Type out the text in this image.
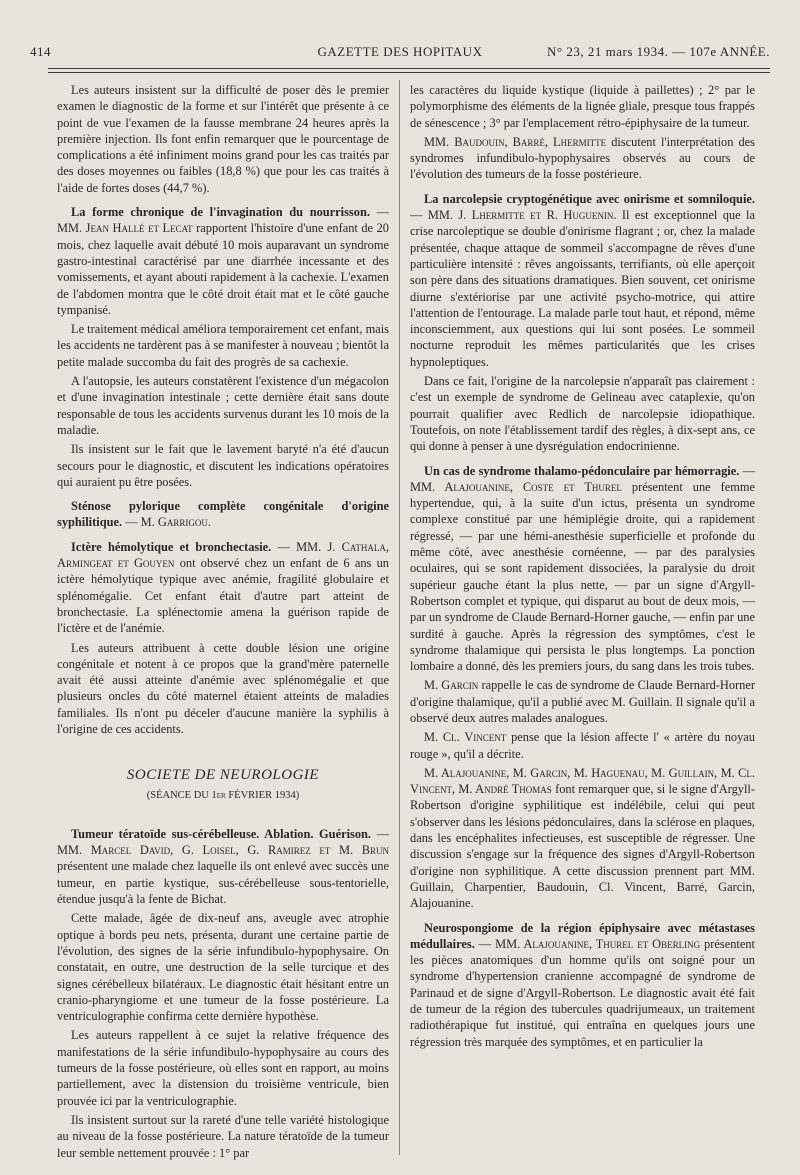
414	GAZETTE DES HOPITAUX	N° 23, 21 mars 1934. — 107e ANNÉE.

Les auteurs insistent sur la difficulté de poser dès le premier examen le diagnostic de la forme et sur l'intérêt que présente à ce point de vue l'examen de la fausse membrane 24 heures après la première injection. Ils font enfin remarquer que le pourcentage de complications a été infiniment moins grand pour les cas traités par des doses moyennes ou faibles (18,8 %) que pour les cas traités à l'aide de fortes doses (44,7 %).

La forme chronique de l'invagination du nourrisson. — MM. Jean Hallé et Lecat rapportent l'histoire d'une enfant de 20 mois, chez laquelle avait débuté 10 mois auparavant un syndrome gastro-intestinal caractérisé par une diarrhée incessante et des vomissements, et ayant abouti rapidement à la cachexie. L'examen de l'abdomen montra que le côté droit était mat et le côté gauche tympanisé.

Le traitement médical améliora temporairement cet enfant, mais les accidents ne tardèrent pas à se manifester à nouveau ; bientôt la petite malade succomba du fait des progrès de sa cachexie.

A l'autopsie, les auteurs constatèrent l'existence d'un mégacolon et d'une invagination intestinale ; cette dernière était sans doute responsable de tous les accidents survenus durant les 10 mois de la maladie.

Ils insistent sur le fait que le lavement baryté n'a été d'aucun secours pour le diagnostic, et discutent les indications opératoires qui auraient pu être posées.

Sténose pylorique complète congénitale d'origine syphilitique. — M. Garrigou.

Ictère hémolytique et bronchectasie. — MM. J. Cathala, Armingeat et Gouyen ont observé chez un enfant de 6 ans un ictère hémolytique typique avec anémie, fragilité globulaire et splénomégalie. Cet enfant était d'autre part atteint de bronchectasie. La splénectomie amena la guérison rapide de l'ictère et de l'anémie.

Les auteurs attribuent à cette double lésion une origine congénitale et notent à ce propos que la grand'mère paternelle avait été aussi atteinte d'anémie avec splénomégalie et que plusieurs oncles du côté maternel étaient atteints de maladies familiales. Ils n'ont pu déceler d'aucune manière la syphilis à l'origine de ces accidents.

SOCIETE DE NEUROLOGIE
(SÉANCE DU 1er FÉVRIER 1934)

Tumeur tératoïde sus-cérébelleuse. Ablation. Guérison. — MM. Marcel David, G. Loisel, G. Ramirez et M. Brun présentent une malade chez laquelle ils ont enlevé avec succès une tumeur, en partie kystique, sus-cérébelleuse sous-tentorielle, étendue jusqu'à la fente de Bichat.

Cette malade, âgée de dix-neuf ans, aveugle avec atrophie optique à bords peu nets, présenta, durant une certaine partie de l'évolution, des signes de la série infundibulo-hypophysaire. On constatait, en outre, une destruction de la selle turcique et des signes cérébelleux bilatéraux. Le diagnostic était hésitant entre un cranio-pharyngiome et une tumeur de la fosse postérieure. La ventriculographie confirma cette dernière hypothèse.

Les auteurs rappellent à ce sujet la relative fréquence des manifestations de la série infundibulo-hypophysaire au cours des tumeurs de la fosse postérieure, où elles sont en rapport, au moins partiellement, avec la distension du troisième ventricule, bien prouvée ici par la ventriculographie.

Ils insistent surtout sur la rareté d'une telle variété histologique au niveau de la fosse postérieure. La nature tératoïde de la tumeur leur semble nettement prouvée : 1° par

les caractères du liquide kystique (liquide à paillettes) ; 2° par le polymorphisme des éléments de la lignée gliale, presque tous frappés de sénescence ; 3° par l'emplacement rétro-épiphysaire de la tumeur.

MM. Baudouin, Barré, Lhermitte discutent l'interprétation des syndromes infundibulo-hypophysaires observés au cours de l'évolution des tumeurs de la fosse postérieure.

La narcolepsie cryptogénétique avec onirisme et somniloquie. — MM. J. Lhermitte et R. Huguenin. Il est exceptionnel que la crise narcoleptique se double d'onirisme flagrant ; or, chez la malade présentée, chaque attaque de sommeil s'accompagne de rêves d'une particulière intensité : rêves angoissants, terrifiants, où elle aperçoit son père dans des situations dramatiques. Bien souvent, cet onirisme diurne s'extériorise par une activité psycho-motrice, qui attire l'attention de l'entourage. La malade parle tout haut, et répond, même inconsciemment, aux questions qui lui sont posées. Le sommeil nocturne reproduit les mêmes particularités que les crises hypnoleptiques.

Dans ce fait, l'origine de la narcolepsie n'apparaît pas clairement : c'est un exemple de syndrome de Gelineau avec cataplexie, qu'on pourrait qualifier avec Redlich de narcolepsie idiopathique. Toutefois, on note l'établissement tardif des règles, à dix-sept ans, ce qui donne à penser à une dysrégulation endocrinienne.

Un cas de syndrome thalamo-pédonculaire par hémorragie. — MM. Alajouanine, Coste et Thurel présentent une femme hypertendue, qui, à la suite d'un ictus, présenta un syndrome complexe constitué par une hémiplégie droite, qui a rapidement régressé, — par une hémi-anesthésie superficielle et profonde du même côté, avec anesthésie cornéenne, — par des paralysies oculaires, qui se sont rapidement dissociées, la paralysie du droit supérieur gauche étant la plus nette, — par un signe d'Argyll-Robertson complet et typique, qui disparut au bout de deux mois, — par un syndrome de Claude Bernard-Horner gauche, — enfin par une surdité à gauche. Après la régression des symptômes, c'est le syndrome thalamique qui persista le plus longtemps. La ponction lombaire a donné, dès les premiers jours, du sang dans les trois tubes.

M. Garcin rappelle le cas de syndrome de Claude Bernard-Horner d'origine thalamique, qu'il a publié avec M. Guillain. Il signale qu'il a observé deux autres malades analogues.

M. Cl. Vincent pense que la lésion affecte l' « artère du noyau rouge », qu'il a décrite.

M. Alajouanine, M. Garcin, M. Haguenau, M. Guillain, M. Cl. Vincent, M. André Thomas font remarquer que, si le signe d'Argyll-Robertson d'origine syphilitique est indélébile, celui qui peut s'observer dans les lésions pédonculaires, dans la sclérose en plaques, dans les encéphalites infectieuses, est susceptible de régresser. Une discussion s'engage sur la fréquence des signes d'Argyll-Robertson d'origine non syphilitique. A cette discussion prennent part MM. Guillain, Charpentier, Baudouin, Cl. Vincent, Barré, Garcin, Alajouanine.

Neurospongiome de la région épiphysaire avec métastases médullaires. — MM. Alajouanine, Thurel et Oberling présentent les pièces anatomiques d'un homme qu'ils ont soigné pour un syndrome d'hypertension cranienne accompagné de syndrome de Parinaud et de signe d'Argyll-Robertson. Le diagnostic avait été fait de tumeur de la région des tubercules quadrijumeaux, un traitement radiothérapique fut institué, qui entraîna en quelques jours une régression très marquée des symptômes, et en particulier la
